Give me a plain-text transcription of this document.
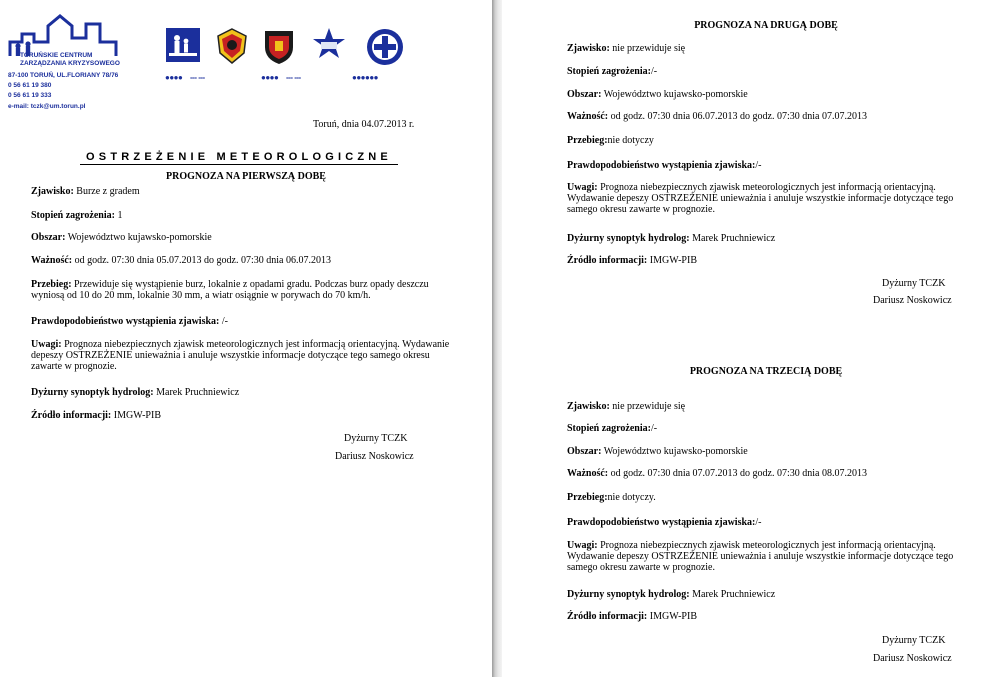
TORUŃSKIE CENTRUM
ZARZĄDZANIA KRYZYSOWEGO
87-100 TORUŃ, UL.FLORIANY 78/76
0 56 61 19 380
0 56 61 19 333
e-mail: tczk@um.torun.pl
●●●● ‑‑‑ ‑‑‑	●●●● ‑‑‑ ‑‑‑	●●●●●●
Toruń, dnia 04.07.2013 r.
OSTRZEŻENIE METEOROLOGICZNE
PROGNOZA NA PIERWSZĄ DOBĘ
Zjawisko: Burze z gradem
Stopień zagrożenia: 1
Obszar: Województwo kujawsko-pomorskie
Ważność: od godz. 07:30 dnia 05.07.2013 do godz. 07:30 dnia 06.07.2013
Przebieg: Przewiduje się wystąpienie burz, lokalnie z opadami gradu. Podczas burz opady deszczu wyniosą od 10 do 20 mm, lokalnie 30 mm, a wiatr osiągnie w porywach do 70 km/h.
Prawdopodobieństwo wystąpienia zjawiska: /-
Uwagi: Prognoza niebezpiecznych zjawisk meteorologicznych jest informacją orientacyjną. Wydawanie depeszy OSTRZEŻENIE unieważnia i anuluje wszystkie informacje dotyczące tego samego okresu zawarte w prognozie.
Dyżurny synoptyk hydrolog: Marek Pruchniewicz
Źródło informacji: IMGW-PIB
Dyżurny TCZK
Dariusz Noskowicz
PROGNOZA NA DRUGĄ DOBĘ
Zjawisko: nie przewiduje się
Stopień zagrożenia:/-
Obszar: Województwo kujawsko-pomorskie
Ważność: od godz. 07:30 dnia 06.07.2013 do godz. 07:30 dnia 07.07.2013
Przebieg:nie dotyczy
Prawdopodobieństwo wystąpienia zjawiska:/-
Uwagi: Prognoza niebezpiecznych zjawisk meteorologicznych jest informacją orientacyjną. Wydawanie depeszy OSTRZEŻENIE unieważnia i anuluje wszystkie informacje dotyczące tego samego okresu zawarte w prognozie.
Dyżurny synoptyk hydrolog: Marek Pruchniewicz
Źródło informacji: IMGW-PIB
Dyżurny TCZK
Dariusz Noskowicz
PROGNOZA NA TRZECIĄ DOBĘ
Zjawisko: nie przewiduje się
Stopień zagrożenia:/-
Obszar: Województwo kujawsko-pomorskie
Ważność: od godz. 07:30 dnia 07.07.2013 do godz. 07:30 dnia 08.07.2013
Przebieg:nie dotyczy.
Prawdopodobieństwo wystąpienia zjawiska:/-
Uwagi: Prognoza niebezpiecznych zjawisk meteorologicznych jest informacją orientacyjną. Wydawanie depeszy OSTRZEŻENIE unieważnia i anuluje wszystkie informacje dotyczące tego samego okresu zawarte w prognozie.
Dyżurny synoptyk hydrolog: Marek Pruchniewicz
Źródło informacji: IMGW-PIB
Dyżurny TCZK
Dariusz Noskowicz
